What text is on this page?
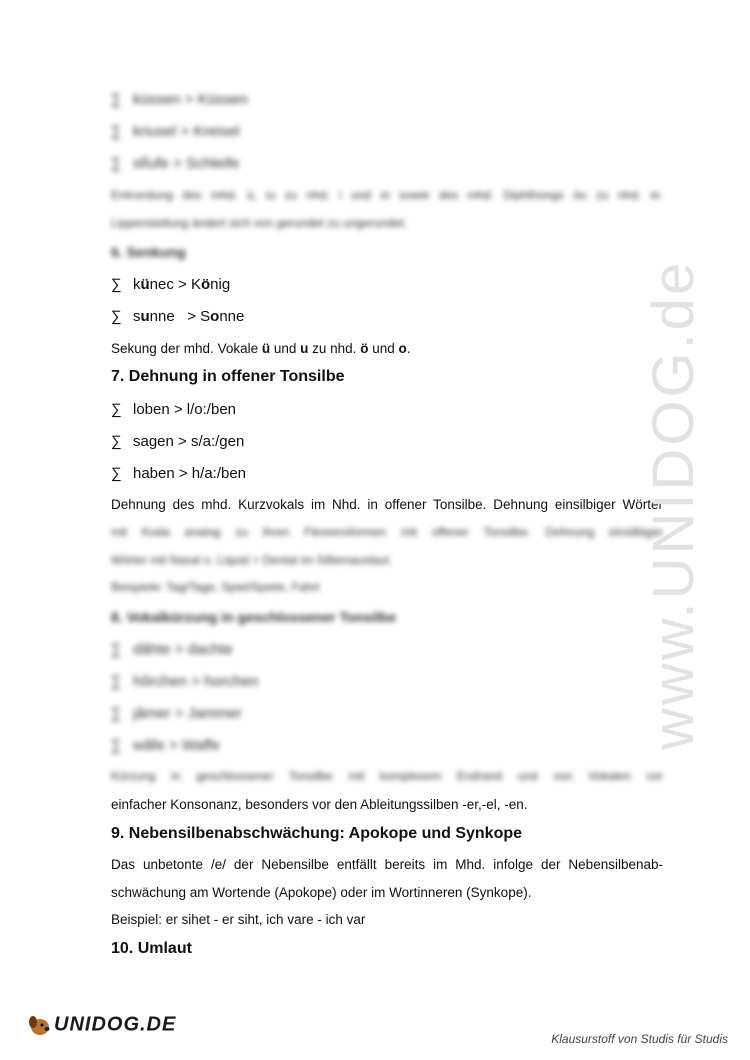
∑ küssen > Küssen
∑ kriusel > Kreisel
∑ slîufe > Schleife
Entrundung des mhd. ü, iu zu nhd. i und ei sowie des mhd. Diphthongs öu zu nhd. ei.
Lippenstellung ändert sich von gerundet zu ungerundet.
6. Senkung
∑ künec > König
∑ sunne   > Sonne
Sekung der mhd. Vokale ü und u zu nhd. ö und o.
7. Dehnung in offener Tonsilbe
∑ loben > l/o:/ben
∑ sagen > s/a:/gen
∑ haben > h/a:/ben
Dehnung des mhd. Kurzvokals im Nhd. in offener Tonsilbe. Dehnung einsilbiger Wörter
mit Koda analog zu ihren Flexionsformen mit offener Tonsilbe. Dehnung einsilbiger
Wörter mit Nasal o. Liquid + Dental im Silbenauslaut.
Beispiele: Tag/Tage, Spiel/Spiele, Fahrt
8. Vokalkürzung in geschlossener Tonsilbe
∑ dâhte > dachte
∑ hôrchen > horchen
∑ jâmer > Jammer
∑ wâfe > Waffe
Kürzung in geschlossener Tonsilbe mit komplexem Endrand und von Vokalen vor
einfacher Konsonanz, besonders vor den Ableitungssilben -er,-el, -en.
9. Nebensilbenabschwächung: Apokope und Synkope
Das unbetonte /e/ der Nebensilbe entfällt bereits im Mhd. infolge der Nebensilbenab-
schwächung am Wortende (Apokope) oder im Wortinneren (Synkope).
Beispiel: er sihet - er siht, ich vare - ich var
10. Umlaut
www.UNIDOG.de
UNIDOG.DE
Klausurstoff von Studis für Studis
